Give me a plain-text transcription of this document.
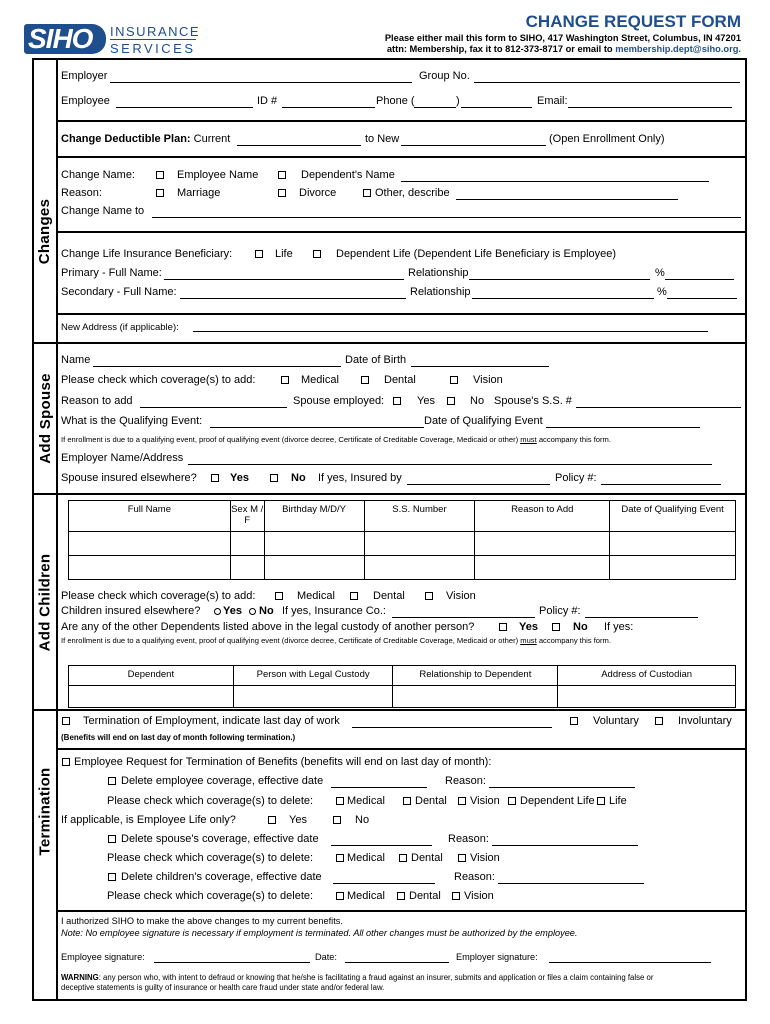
SIHO INSURANCE
SERVICES
CHANGE REQUEST FORM
Please either mail this form to SIHO, 417 Washington Street, Columbus, IN 47201
attn: Membership, fax it to 812-373-8717 or email to membership.dept@siho.org.
Changes
Add Spouse
Add Children
Termination
Employer	Group No.
Employee	ID #	Phone (	)	Email:
Change Deductible Plan: Current	to New	(Open Enrollment Only)
Change Name:	Employee Name	Dependent's Name
Reason:	Marriage	Divorce	Other, describe
Change Name to
Change Life Insurance Beneficiary:	Life	Dependent Life (Dependent Life Beneficiary is Employee)
Primary - Full Name:	Relationship	%
Secondary - Full Name:	Relationship	%
New Address (if applicable):
Name	Date of Birth
Please check which coverage(s) to add:	Medical	Dental	Vision
Reason to add	Spouse employed:	Yes	No Spouse's S.S. #
What is the Qualifying Event:	Date of Qualifying Event
If enrollment is due to a qualifying event, proof of qualifying event (divorce decree, Certificate of Creditable Coverage, Medicaid or other) must accompany this form.
Employer Name/Address
Spouse insured elsewhere?	Yes	No If yes, Insured by	Policy #:
Full Name	Sex M / F	Birthday M/D/Y	S.S. Number	Reason to Add	Date of Qualifying Event

Please check which coverage(s) to add:	Medical	Dental	Vision
Children insured elsewhere? Yes No If yes, Insurance Co.:	Policy #:
Are any of the other Dependents listed above in the legal custody of another person?	Yes	No If yes:
If enrollment is due to a qualifying event, proof of qualifying event (divorce decree, Certificate of Creditable Coverage, Medicaid or other) must accompany this form.
Dependent	Person with Legal Custody	Relationship to Dependent	Address of Custodian

Termination of Employment, indicate last day of work	Voluntary	Involuntary
(Benefits will end on last day of month following termination.)
Employee Request for Termination of Benefits (benefits will end on last day of month):
Delete employee coverage, effective date	Reason:
Please check which coverage(s) to delete:	Medical	Dental Vision Dependent Life Life
If applicable, is Employee Life only?	Yes	No
Delete spouse's coverage, effective date	Reason:
Please check which coverage(s) to delete:	Medical Dental Vision
Delete children's coverage, effective date	Reason:
Please check which coverage(s) to delete:	Medical Dental Vision
I authorized SIHO to make the above changes to my current benefits.
Note: No employee signature is necessary if employment is terminated. All other changes must be authorized by the employee.
Employee signature:	Date:	Employer signature:
WARNING: any person who, with intent to defraud or knowing that he/she is facilitating a fraud against an insurer, submits and application or files a claim containing false or
deceptive statements is guilty of insurance or health care fraud under state and/or federal law.
